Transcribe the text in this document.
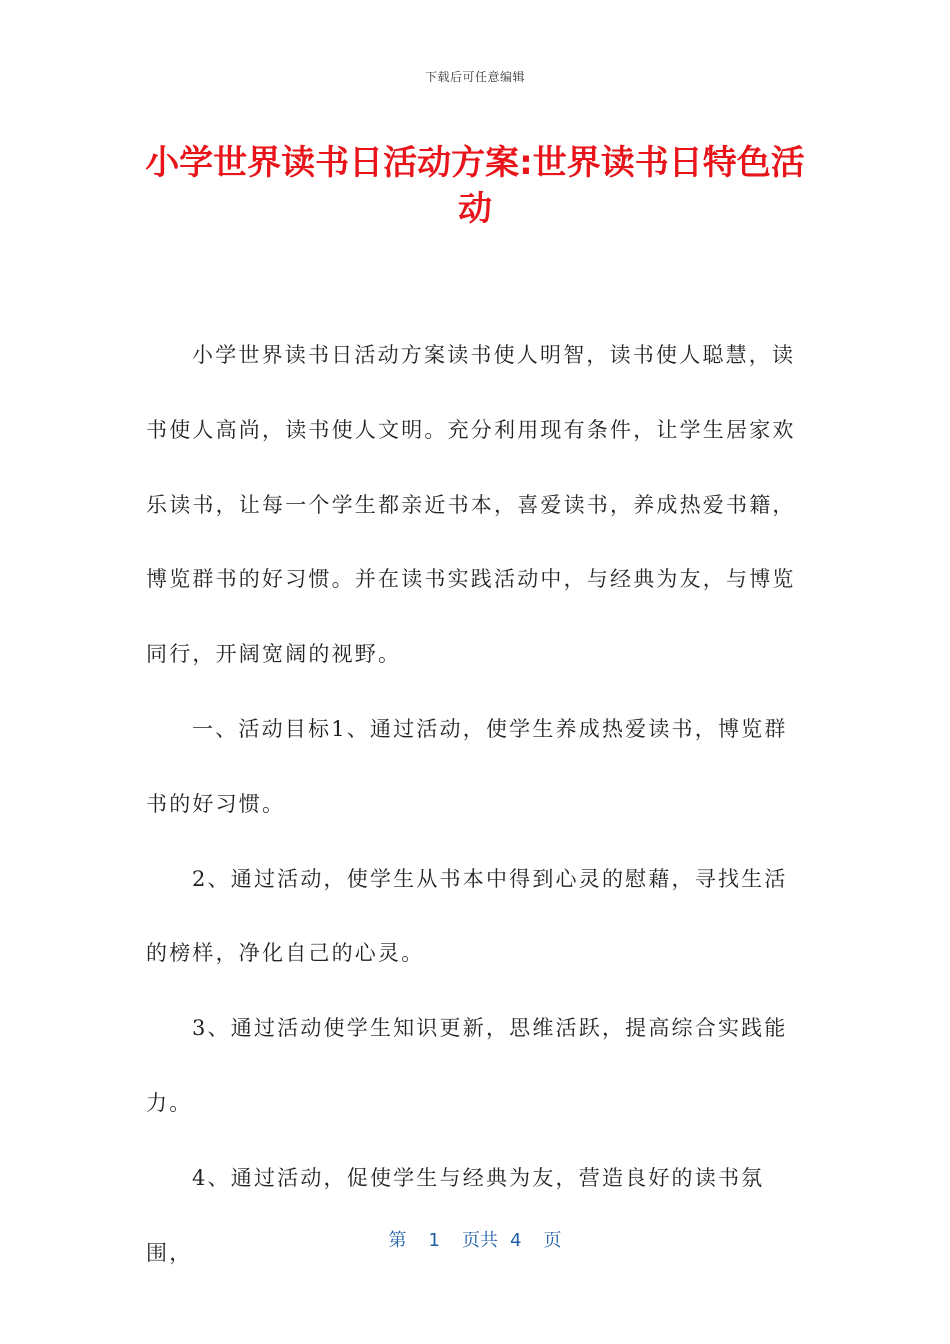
下载后可任意编辑
小学世界读书日活动方案:世界读书日特色活动

小学世界读书日活动方案读书使人明智，读书使人聪慧，读书使人高尚，读书使人文明。充分利用现有条件，让学生居家欢乐读书，让每一个学生都亲近书本，喜爱读书，养成热爱书籍，博览群书的好习惯。并在读书实践活动中，与经典为友，与博览同行，开阔宽阔的视野。

一、活动目标1、通过活动，使学生养成热爱读书，博览群书的好习惯。

2、通过活动，使学生从书本中得到心灵的慰藉，寻找生活的榜样，净化自己的心灵。

3、通过活动使学生知识更新，思维活跃，提高综合实践能力。

4、通过活动，促使学生与经典为友，营造良好的读书氛围，

第 1 页共 4 页
